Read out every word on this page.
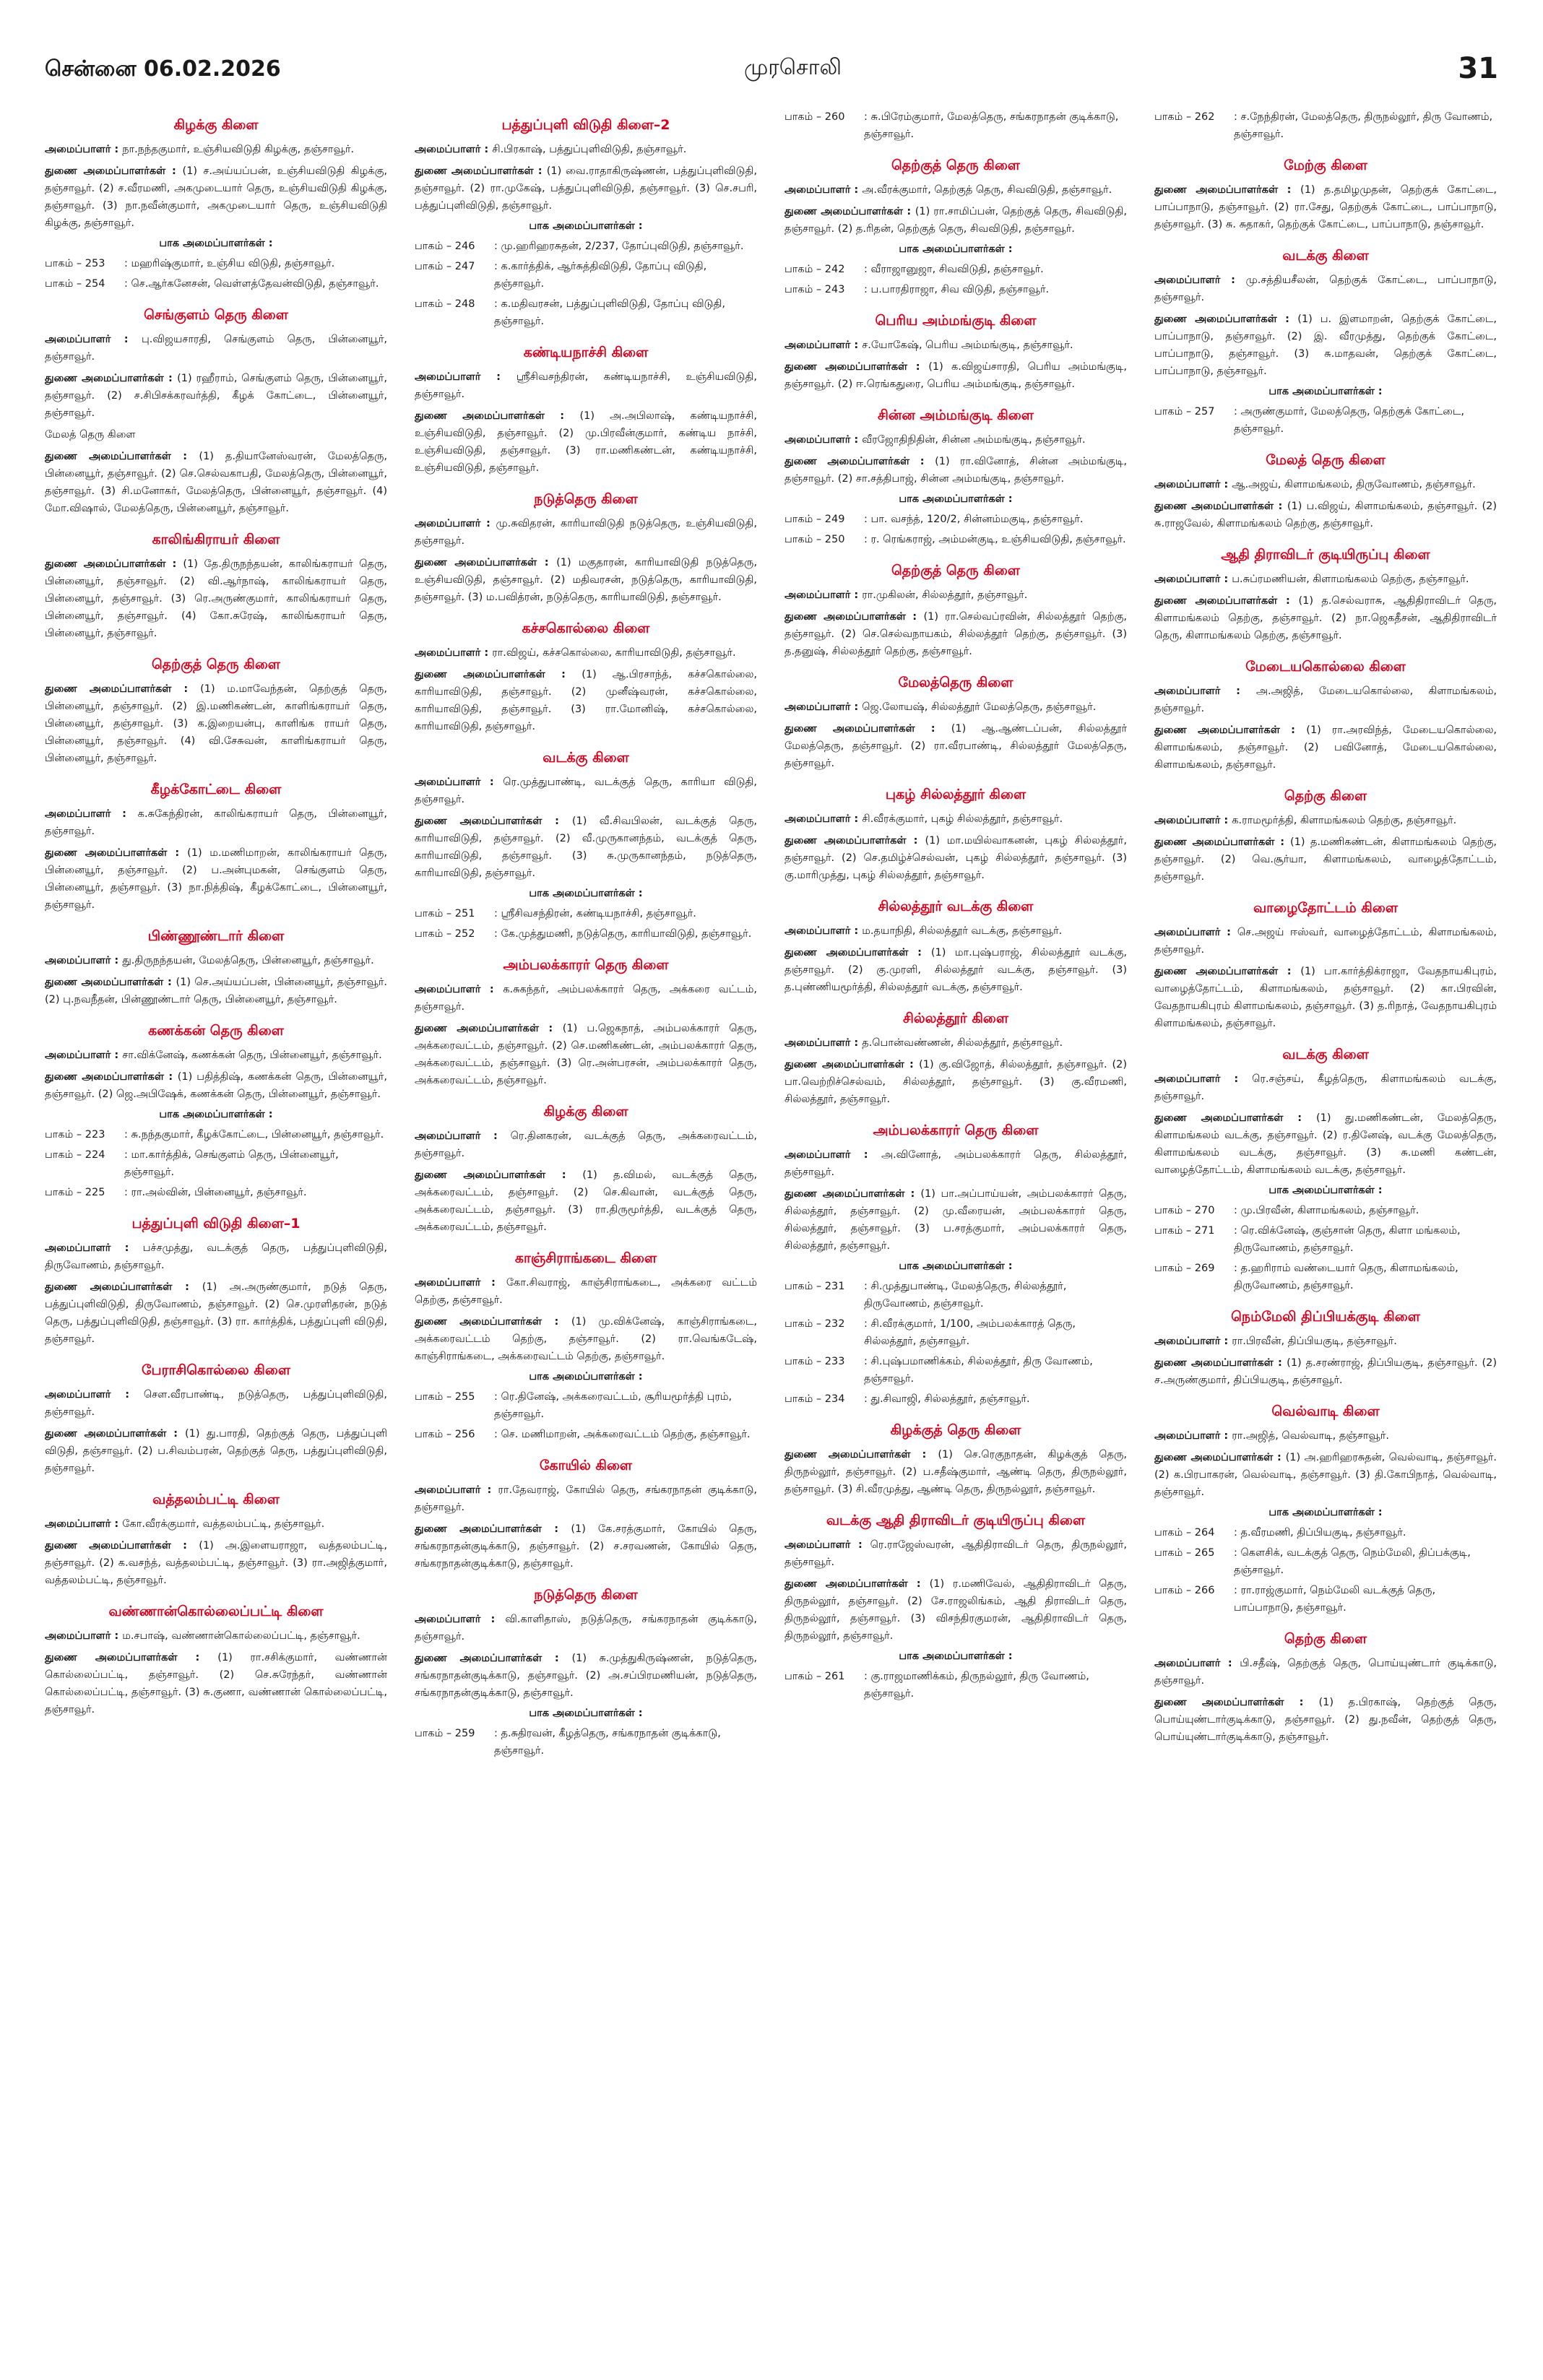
சென்னை 06.02.2026	முரசொலி	31
கிழக்கு கிளை
அமைப்பாளர் : நா.நந்தகுமார், உஞ்சியவிடுதி கிழக்கு, தஞ்சாவூர்.
துணை அமைப்பாளர்கள் : (1) ச.அய்யப்பன், உஞ்சியவிடுதி கிழக்கு, தஞ்சாவூர். (2) ச.வீரமணி, அகமுடையார் தெரு, உஞ்சியவிடுதி கிழக்கு, தஞ்சாவூர். (3) நா.நவீன்குமார், அகமுடையார் தெரு, உஞ்சியவிடுதி கிழக்கு, தஞ்சாவூர்.
பாக அமைப்பாளர்கள் :
பாகம் – 253	: மஹரிஷ்குமார், உஞ்சிய விடுதி, தஞ்சாவூர்.
பாகம் – 254	: செ.ஆர்கனேசன், வெள்ளத்தேவன்விடுதி, தஞ்சாவூர்.
செங்குளம் தெரு கிளை
அமைப்பாளர் : பு.விஜயசாரதி, செங்குளம் தெரு, பின்னையூர், தஞ்சாவூர்.
துணை அமைப்பாளர்கள் : (1) ரஹீராம், செங்குளம் தெரு, பின்னையூர், தஞ்சாவூர். (2) ச.சிபிசக்கரவர்த்தி, கீழக் கோட்டை, பின்னையூர், தஞ்சாவூர்.
மேலத் தெரு கிளை
துணை அமைப்பாளர்கள் : (1) த.தியானேஸ்வரன், மேலத்தெரு, பின்னையூர், தஞ்சாவூர். (2) செ.செல்வகாபதி, மேலத்தெரு, பின்னையூர், தஞ்சாவூர். (3) சி.மனோகர், மேலத்தெரு, பின்னையூர், தஞ்சாவூர். (4) மோ.விஷால், மேலத்தெரு, பின்னையூர், தஞ்சாவூர்.
காலிங்கிராயர் கிளை
துணை அமைப்பாளர்கள் : (1) தே.திருநந்தயன், காலிங்கராயர் தெரு, பின்னையூர், தஞ்சாவூர். (2) வி.ஆர்நாஷ், காலிங்கராயர் தெரு, பின்னையூர், தஞ்சாவூர். (3) ரெ.அருண்குமார், காலிங்கராயர் தெரு, பின்னையூர், தஞ்சாவூர். (4) கோ.சுரேஷ், காலிங்கராயர் தெரு, பின்னையூர், தஞ்சாவூர்.
தெற்குத் தெரு கிளை
துணை அமைப்பாளர்கள் : (1) ம.மாவேந்தன், தெற்குத் தெரு, பின்னையூர், தஞ்சாவூர். (2) இ.மணிகண்டன், காளிங்கராயர் தெரு, பின்னையூர், தஞ்சாவூர். (3) க.இறையன்பு, காளிங்க ராயர் தெரு, பின்னையூர், தஞ்சாவூர். (4) வி.சேசுவன், காளிங்கராயர் தெரு, பின்னையூர், தஞ்சாவூர்.
கீழக்கோட்டை கிளை
அமைப்பாளர் : க.சுகேந்திரன், காலிங்கராயர் தெரு, பின்னையூர், தஞ்சாவூர்.
துணை அமைப்பாளர்கள் : (1) ம.மணிமாறன், காலிங்கராயர் தெரு, பின்னையூர், தஞ்சாவூர். (2) ப.அன்புமகன், செங்குளம் தெரு, பின்னையூர், தஞ்சாவூர். (3) நா.நித்திஷ், கீழக்கோட்டை, பின்னையூர், தஞ்சாவூர்.
பிண்ணூண்டார் கிளை
அமைப்பாளர் : து.திருநந்தயன், மேலத்தெரு, பின்னையூர், தஞ்சாவூர்.
துணை அமைப்பாளர்கள் : (1) செ.அய்யப்பன், பின்னையூர், தஞ்சாவூர். (2) பு.நவநீதன், பின்ணூண்டார் தெரு, பின்னையூர், தஞ்சாவூர்.
கணக்கன் தெரு கிளை
அமைப்பாளர் : சா.விக்னேஷ், கணக்கன் தெரு, பின்னையூர், தஞ்சாவூர்.
துணை அமைப்பாளர்கள் : (1) பதித்திஷ், கணக்கன் தெரு, பின்னையூர், தஞ்சாவூர். (2) ஜெ.அபிஷேக், கணக்கன் தெரு, பின்னையூர், தஞ்சாவூர்.
பாக அமைப்பாளர்கள் :
பாகம் – 223	: சு.நந்தகுமார், கீழக்கோட்டை, பின்னையூர், தஞ்சாவூர்.
பாகம் – 224	: மா.கார்த்திக், செங்குளம் தெரு, பின்னையூர், தஞ்சாவூர்.
பாகம் – 225	: ரா.அல்வின், பின்னையூர், தஞ்சாவூர்.
பத்துப்புளி விடுதி கிளை–1
அமைப்பாளர் : பச்சமுத்து, வடக்குத் தெரு, பத்துப்புளிவிடுதி, திருவோணம், தஞ்சாவூர்.
துணை அமைப்பாளர்கள் : (1) அ.அருண்குமார், நடுத் தெரு, பத்துப்புளிவிடுதி, திருவோணம், தஞ்சாவூர். (2) செ.முரளிதரன், நடுத் தெரு, பத்துப்புளிவிடுதி, தஞ்சாவூர். (3) ரா. கார்த்திக், பத்துப்புளி விடுதி, தஞ்சாவூர்.
பேராசிகொல்லை கிளை
அமைப்பாளர் : சௌ.வீரபாண்டி, நடுத்தெரு, பத்துப்புளிவிடுதி, தஞ்சாவூர்.
துணை அமைப்பாளர்கள் : (1) து.பாரதி, தெற்குத் தெரு, பத்துப்புளி விடுதி, தஞ்சாவூர். (2) ப.சிவம்பரன், தெற்குத் தெரு, பத்துப்புளிவிடுதி, தஞ்சாவூர்.
வத்தலம்பட்டி கிளை
அமைப்பாளர் : கோ.வீரக்குமார், வத்தலம்பட்டி, தஞ்சாவூர்.
துணை அமைப்பாளர்கள் : (1) அ.இளையராஜா, வத்தலம்பட்டி, தஞ்சாவூர். (2) க.வசந்த், வத்தலம்பட்டி, தஞ்சாவூர். (3) ரா.அஜித்குமார், வத்தலம்பட்டி, தஞ்சாவூர்.
வண்ணான்கொல்லைப்பட்டி கிளை
அமைப்பாளர் : ம.சபாஷ், வண்ணான்கொல்லைப்பட்டி, தஞ்சாவூர்.
துணை அமைப்பாளர்கள் : (1) ரா.சசிக்குமார், வண்ணான் கொல்லைப்பட்டி, தஞ்சாவூர். (2) செ.சுரேந்தர், வண்ணான் கொல்லைப்பட்டி, தஞ்சாவூர். (3) சு.குணா, வண்ணான் கொல்லைப்பட்டி, தஞ்சாவூர்.
பத்துப்புளி விடுதி கிளை–2
அமைப்பாளர் : சி.பிரகாஷ், பத்துப்புளிவிடுதி, தஞ்சாவூர்.
துணை அமைப்பாளர்கள் : (1) வை.ராதாகிருஷ்ணன், பத்துப்புளிவிடுதி, தஞ்சாவூர். (2) ரா.முகேஷ், பத்துப்புளிவிடுதி, தஞ்சாவூர். (3) செ.சபரி, பத்துப்புளிவிடுதி, தஞ்சாவூர்.
பாக அமைப்பாளர்கள் :
பாகம் – 246	: மு.ஹரிஹரசுதன், 2/237, தோப்புவிடுதி, தஞ்சாவூர்.
பாகம் – 247	: க.கார்த்திக், ஆர்சுத்திவிடுதி, தோப்பு விடுதி, தஞ்சாவூர்.
பாகம் – 248	: க.மதிவரசன், பத்துப்புளிவிடுதி, தோப்பு விடுதி, தஞ்சாவூர்.
கண்டியநாச்சி கிளை
அமைப்பாளர் : ஸ்ரீசிவசந்திரன், கண்டியநாச்சி, உஞ்சியவிடுதி, தஞ்சாவூர்.
துணை அமைப்பாளர்கள் : (1) அ.அபிலாஷ், கண்டியநாச்சி, உஞ்சியவிடுதி, தஞ்சாவூர். (2) மு.பிரவீன்குமார், கண்டிய நாச்சி, உஞ்சியவிடுதி, தஞ்சாவூர். (3) ரா.மணிகண்டன், கண்டியநாச்சி, உஞ்சியவிடுதி, தஞ்சாவூர்.
நடுத்தெரு கிளை
அமைப்பாளர் : மு.சுவிதரன், காரியாவிடுதி நடுத்தெரு, உஞ்சியவிடுதி, தஞ்சாவூர்.
துணை அமைப்பாளர்கள் : (1) மகுதாரன், காரியாவிடுதி நடுத்தெரு, உஞ்சியவிடுதி, தஞ்சாவூர். (2) மதிவரசன், நடுத்தெரு, காரியாவிடுதி, தஞ்சாவூர். (3) ம.பவித்ரன், நடுத்தெரு, காரியாவிடுதி, தஞ்சாவூர்.
கச்சகொல்லை கிளை
அமைப்பாளர் : ரா.விஜய், கச்சகொல்லை, காரியாவிடுதி, தஞ்சாவூர்.
துணை அமைப்பாளர்கள் : (1) ஆ.பிரசாந்த், கச்சகொல்லை, காரியாவிடுதி, தஞ்சாவூர். (2) முனீஷ்வரன், கச்சகொல்லை, காரியாவிடுதி, தஞ்சாவூர். (3) ரா.மோனிஷ், கச்சகொல்லை, காரியாவிடுதி, தஞ்சாவூர்.
வடக்கு கிளை
அமைப்பாளர் : ரெ.முத்துபாண்டி, வடக்குத் தெரு, காரியா விடுதி, தஞ்சாவூர்.
துணை அமைப்பாளர்கள் : (1) வீ.சிவபிலன், வடக்குத் தெரு, காரியாவிடுதி, தஞ்சாவூர். (2) வீ.முருகானந்தம், வடக்குத் தெரு, காரியாவிடுதி, தஞ்சாவூர். (3) சு.முருகானந்தம், நடுத்தெரு, காரியாவிடுதி, தஞ்சாவூர்.
பாக அமைப்பாளர்கள் :
பாகம் – 251	: ஸ்ரீசிவசந்திரன், கண்டியநாச்சி, தஞ்சாவூர்.
பாகம் – 252	: கே.முத்துமணி, நடுத்தெரு, காரியாவிடுதி, தஞ்சாவூர்.
அம்பலக்காரர் தெரு கிளை
அமைப்பாளர் : க.சுகந்தர், அம்பலக்காரர் தெரு, அக்கரை வட்டம், தஞ்சாவூர்.
துணை அமைப்பாளர்கள் : (1) ப.ஜெகநாத், அம்பலக்காரர் தெரு, அக்கரைவட்டம், தஞ்சாவூர். (2) செ.மணிகண்டன், அம்பலக்காரர் தெரு, அக்கரைவட்டம், தஞ்சாவூர். (3) ரெ.அன்பரசன், அம்பலக்காரர் தெரு, அக்கரைவட்டம், தஞ்சாவூர்.
கிழக்கு கிளை
அமைப்பாளர் : ரெ.தினகரன், வடக்குத் தெரு, அக்கரைவட்டம், தஞ்சாவூர்.
துணை அமைப்பாளர்கள் : (1) த.விமல், வடக்குத் தெரு, அக்கரைவட்டம், தஞ்சாவூர். (2) செ.கிவான், வடக்குத் தெரு, அக்கரைவட்டம், தஞ்சாவூர். (3) ரா.திருமூர்த்தி, வடக்குத் தெரு, அக்கரைவட்டம், தஞ்சாவூர்.
காஞ்சிராங்கடை கிளை
அமைப்பாளர் : கோ.சிவராஜ், காஞ்சிராங்கடை, அக்கரை வட்டம் தெற்கு, தஞ்சாவூர்.
துணை அமைப்பாளர்கள் : (1) மு.விக்னேஷ், காஞ்சிராங்கடை, அக்கரைவட்டம் தெற்கு, தஞ்சாவூர். (2) ரா.வெங்கடேஷ், காஞ்சிராங்கடை, அக்கரைவட்டம் தெற்கு, தஞ்சாவூர்.
பாக அமைப்பாளர்கள் :
பாகம் – 255	: ரெ.தினேஷ், அக்கரைவட்டம், சூரியமூர்த்தி புரம், தஞ்சாவூர்.
பாகம் – 256	: செ. மணிமாறன், அக்கரைவட்டம் தெற்கு, தஞ்சாவூர்.
கோயில் கிளை
அமைப்பாளர் : ரா.தேவராஜ், கோயில் தெரு, சங்கரநாதன் குடிக்காடு, தஞ்சாவூர்.
துணை அமைப்பாளர்கள் : (1) கே.சரத்குமார், கோயில் தெரு, சங்கரநாதன்குடிக்காடு, தஞ்சாவூர். (2) ச.சரவணன், கோயில் தெரு, சங்கரநாதன்குடிக்காடு, தஞ்சாவூர்.
நடுத்தெரு கிளை
அமைப்பாளர் : வி.காளிதாஸ், நடுத்தெரு, சங்கரநாதன் குடிக்காடு, தஞ்சாவூர்.
துணை அமைப்பாளர்கள் : (1) சு.முத்துகிருஷ்ணன், நடுத்தெரு, சங்கரநாதன்குடிக்காடு, தஞ்சாவூர். (2) அ.சப்பிரமணியன், நடுத்தெரு, சங்கரநாதன்குடிக்காடு, தஞ்சாவூர்.
பாக அமைப்பாளர்கள் :
பாகம் – 259	: த.சுதிரவன், கீழத்தெரு, சங்கரநாதன் குடிக்காடு, தஞ்சாவூர்.
பாகம் – 260	: சு.பிரேம்குமார், மேலத்தெரு, சங்கரநாதன் குடிக்காடு, தஞ்சாவூர்.
தெற்குத் தெரு கிளை
அமைப்பாளர் : அ.வீரக்குமார், தெற்குத் தெரு, சிவவிடுதி, தஞ்சாவூர்.
துணை அமைப்பாளர்கள் : (1) ரா.சாமிப்பன், தெற்குத் தெரு, சிவவிடுதி, தஞ்சாவூர். (2) த.ரிதன், தெற்குத் தெரு, சிவவிடுதி, தஞ்சாவூர்.
பாக அமைப்பாளர்கள் :
பாகம் – 242	: வீராஜானுஜா, சிவவிடுதி, தஞ்சாவூர்.
பாகம் – 243	: ப.பாரதிராஜா, சிவ விடுதி, தஞ்சாவூர்.
பெரிய அம்மங்குடி கிளை
அமைப்பாளர் : ச.யோகேஷ், பெரிய அம்மங்குடி, தஞ்சாவூர்.
துணை அமைப்பாளர்கள் : (1) க.விஜய்சாரதி, பெரிய அம்மங்குடி, தஞ்சாவூர். (2) ஈ.ரெங்கதுரை, பெரிய அம்மங்குடி, தஞ்சாவூர்.
சின்ன அம்மங்குடி கிளை
அமைப்பாளர் : வீரஜோதிநிதின், சின்ன அம்மங்குடி, தஞ்சாவூர்.
துணை அமைப்பாளர்கள் : (1) ரா.வினோத், சின்ன அம்மங்குடி, தஞ்சாவூர். (2) சா.சத்திபாஜ், சின்ன அம்மங்குடி, தஞ்சாவூர்.
பாக அமைப்பாளர்கள் :
பாகம் – 249	: பா. வசந்த், 120/2, சின்னம்மகுடி, தஞ்சாவூர்.
பாகம் – 250	: ர. ரெங்கராஜ், அம்மன்குடி, உஞ்சியவிடுதி, தஞ்சாவூர்.
தெற்குத் தெரு கிளை
அமைப்பாளர் : ரா.முகிலன், சில்லத்தூர், தஞ்சாவூர்.
துணை அமைப்பாளர்கள் : (1) ரா.செல்வப்ரவின், சில்லத்தூர் தெற்கு, தஞ்சாவூர். (2) செ.செல்வநாயகம், சில்லத்தூர் தெற்கு, தஞ்சாவூர். (3) த.தனுஷ், சில்லத்தூர் தெற்கு, தஞ்சாவூர்.
மேலத்தெரு கிளை
அமைப்பாளர் : ஜெ.லோயஷ், சில்லத்தூர் மேலத்தெரு, தஞ்சாவூர்.
துணை அமைப்பாளர்கள் : (1) ஆ.ஆண்டப்பன், சில்லத்தூர் மேலத்தெரு, தஞ்சாவூர். (2) ரா.வீரபாண்டி, சில்லத்தூர் மேலத்தெரு, தஞ்சாவூர்.
புகழ் சில்லத்தூர் கிளை
அமைப்பாளர் : சி.வீரக்குமார், புகழ் சில்லத்தூர், தஞ்சாவூர்.
துணை அமைப்பாளர்கள் : (1) மா.மயில்வாகனன், புகழ் சில்லத்தூர், தஞ்சாவூர். (2) செ.தமிழ்ச்செல்வன், புகழ் சில்லத்தூர், தஞ்சாவூர். (3) கு.மாரிமுத்து, புகழ் சில்லத்தூர், தஞ்சாவூர்.
சில்லத்தூர் வடக்கு கிளை
அமைப்பாளர் : ம.தயாநிதி, சில்லத்தூர் வடக்கு, தஞ்சாவூர்.
துணை அமைப்பாளர்கள் : (1) மா.புஷ்பராஜ், சில்லத்தூர் வடக்கு, தஞ்சாவூர். (2) கு.முரளி, சில்லத்தூர் வடக்கு, தஞ்சாவூர். (3) த.புண்ணியமூர்த்தி, சில்லத்தூர் வடக்கு, தஞ்சாவூர்.
சில்லத்தூர் கிளை
அமைப்பாளர் : த.பொன்வண்ணன், சில்லத்தூர், தஞ்சாவூர்.
துணை அமைப்பாளர்கள் : (1) கு.விஜோத், சில்லத்தூர், தஞ்சாவூர். (2) பா.வெற்றிச்செல்வம், சில்லத்தூர், தஞ்சாவூர். (3) கு.வீரமணி, சில்லத்தூர், தஞ்சாவூர்.
அம்பலக்காரர் தெரு கிளை
அமைப்பாளர் : அ.வினோத், அம்பலக்காரர் தெரு, சில்லத்தூர், தஞ்சாவூர்.
துணை அமைப்பாளர்கள் : (1) பா.அப்பாய்யன், அம்பலக்காரர் தெரு, சில்லத்தூர், தஞ்சாவூர். (2) மு.வீரையன், அம்பலக்காரர் தெரு, சில்லத்தூர், தஞ்சாவூர். (3) ப.சரத்குமார், அம்பலக்காரர் தெரு, சில்லத்தூர், தஞ்சாவூர்.
பாக அமைப்பாளர்கள் :
பாகம் – 231	: சி.முத்துபாண்டி, மேலத்தெரு, சில்லத்தூர், திருவோணம், தஞ்சாவூர்.
பாகம் – 232	: சி.வீரக்குமார், 1/100, அம்பலக்காரத் தெரு, சில்லத்தூர், தஞ்சாவூர்.
பாகம் – 233	: சி.புஷ்பமாணிக்கம், சில்லத்தூர், திரு வோணம், தஞ்சாவூர்.
பாகம் – 234	: து.சிவாஜி, சில்லத்தூர், தஞ்சாவூர்.
கிழக்குத் தெரு கிளை
துணை அமைப்பாளர்கள் : (1) செ.ரெகுநாதன், கிழக்குத் தெரு, திருநல்லூர், தஞ்சாவூர். (2) ப.சதீஷ்குமார், ஆண்டி தெரு, திருநல்லூர், தஞ்சாவூர். (3) சி.வீரமுத்து, ஆண்டி தெரு, திருநல்லூர், தஞ்சாவூர்.
வடக்கு ஆதி திராவிடர் குடியிருப்பு கிளை
அமைப்பாளர் : ரெ.ராஜேஸ்வரன், ஆதிதிராவிடர் தெரு, திருநல்லூர், தஞ்சாவூர்.
துணை அமைப்பாளர்கள் : (1) ர.மணிவேல், ஆதிதிராவிடர் தெரு, திருநல்லூர், தஞ்சாவூர். (2) சே.ராஜலிங்கம், ஆதி திராவிடர் தெரு, திருநல்லூர், தஞ்சாவூர். (3) விசந்திரகுமரன், ஆதிதிராவிடர் தெரு, திருநல்லூர், தஞ்சாவூர்.
பாக அமைப்பாளர்கள் :
பாகம் – 261	: கு.ராஜமாணிக்கம், திருநல்லூர், திரு வோணம், தஞ்சாவூர்.
பாகம் – 262	: ச.நேந்திரன், மேலத்தெரு, திருநல்லூர், திரு வோணம், தஞ்சாவூர்.
மேற்கு கிளை
துணை அமைப்பாளர்கள் : (1) த.தமிழமுதன், தெற்குக் கோட்டை, பாப்பாநாடு, தஞ்சாவூர். (2) ரா.சேது, தெற்குக் கோட்டை, பாப்பாநாடு, தஞ்சாவூர். (3) சு. சுதாகர், தெற்குக் கோட்டை, பாப்பாநாடு, தஞ்சாவூர்.
வடக்கு கிளை
அமைப்பாளர் : மு.சத்தியசீலன், தெற்குக் கோட்டை, பாப்பாநாடு, தஞ்சாவூர்.
துணை அமைப்பாளர்கள் : (1) ப. இளமாறன், தெற்குக் கோட்டை, பாப்பாநாடு, தஞ்சாவூர். (2) இ. வீரமுத்து, தெற்குக் கோட்டை, பாப்பாநாடு, தஞ்சாவூர். (3) சு.மாதவன், தெற்குக் கோட்டை, பாப்பாநாடு, தஞ்சாவூர்.
பாக அமைப்பாளர்கள் :
பாகம் – 257	: அருண்குமார், மேலத்தெரு, தெற்குக் கோட்டை, தஞ்சாவூர்.
மேலத் தெரு கிளை
அமைப்பாளர் : ஆ.அஜய், கிளாமங்கலம், திருவோணம், தஞ்சாவூர்.
துணை அமைப்பாளர்கள் : (1) ப.விஜய், கிளாமங்கலம், தஞ்சாவூர். (2) சு.ராஜவேல், கிளாமங்கலம் தெற்கு, தஞ்சாவூர்.
ஆதி திராவிடர் குடியிருப்பு கிளை
அமைப்பாளர் : ப.சுப்ரமணியன், கிளாமங்கலம் தெற்கு, தஞ்சாவூர்.
துணை அமைப்பாளர்கள் : (1) த.செல்வராசு, ஆதிதிராவிடர் தெரு, கிளாமங்கலம் தெற்கு, தஞ்சாவூர். (2) நா.ஜெகதீசன், ஆதிதிராவிடர் தெரு, கிளாமங்கலம் தெற்கு, தஞ்சாவூர்.
மேடையகொல்லை கிளை
அமைப்பாளர் : அ.அஜித், மேடையகொல்லை, கிளாமங்கலம், தஞ்சாவூர்.
துணை அமைப்பாளர்கள் : (1) ரா.அரவிந்த், மேடையகொல்லை, கிளாமங்கலம், தஞ்சாவூர். (2) பவினோத், மேடையகொல்லை, கிளாமங்கலம், தஞ்சாவூர்.
தெற்கு கிளை
அமைப்பாளர் : க.ராமமூர்த்தி, கிளாமங்கலம் தெற்கு, தஞ்சாவூர்.
துணை அமைப்பாளர்கள் : (1) த.மணிகண்டன், கிளாமங்கலம் தெற்கு, தஞ்சாவூர். (2) வெ.சூர்யா, கிளாமங்கலம், வாழைத்தோட்டம், தஞ்சாவூர்.
வாழைதோட்டம் கிளை
அமைப்பாளர் : செ.அஜய் ஈஸ்வர், வாழைத்தோட்டம், கிளாமங்கலம், தஞ்சாவூர்.
துணை அமைப்பாளர்கள் : (1) பா.கார்த்திக்ராஜா, வேதநாயகிபுரம், வாழைத்தோட்டம், கிளாமங்கலம், தஞ்சாவூர். (2) கா.பிரவின், வேதநாயகிபுரம் கிளாமங்கலம், தஞ்சாவூர். (3) த.ரிநாத், வேதநாயகிபுரம் கிளாமங்கலம், தஞ்சாவூர்.
வடக்கு கிளை
அமைப்பாளர் : ரெ.சஞ்சய், கீழத்தெரு, கிளாமங்கலம் வடக்கு, தஞ்சாவூர்.
துணை அமைப்பாளர்கள் : (1) து.மணிகண்டன், மேலத்தெரு, கிளாமங்கலம் வடக்கு, தஞ்சாவூர். (2) ர.தினேஷ், வடக்கு மேலத்தெரு, கிளாமங்கலம் வடக்கு, தஞ்சாவூர். (3) சு.மணி கண்டன், வாழைத்தோட்டம், கிளாமங்கலம் வடக்கு, தஞ்சாவூர்.
பாக அமைப்பாளர்கள் :
பாகம் – 270	: மு.பிரவீன், கிளாமங்கலம், தஞ்சாவூர்.
பாகம் – 271	: ரெ.விக்னேஷ், குஞ்சான் தெரு, கிளா மங்கலம், திருவோணம், தஞ்சாவூர்.
பாகம் – 269	: த.ஹரிராம் வண்டையார் தெரு, கிளாமங்கலம், திருவோணம், தஞ்சாவூர்.
நெம்மேலி திப்பியக்குடி கிளை
அமைப்பாளர் : ரா.பிரவீன், திப்பியகுடி, தஞ்சாவூர்.
துணை அமைப்பாளர்கள் : (1) த.சரண்ராஜ், திப்பியகுடி, தஞ்சாவூர். (2) ச.அருண்குமார், திப்பியகுடி, தஞ்சாவூர்.
வெல்வாடி கிளை
அமைப்பாளர் : ரா.அஜித், வெல்வாடி, தஞ்சாவூர்.
துணை அமைப்பாளர்கள் : (1) அ.ஹரிஹரசுதன், வெல்வாடி, தஞ்சாவூர். (2) க.பிரபாகரன், வெல்வாடி, தஞ்சாவூர். (3) தி.கோபிநாத், வெல்வாடி, தஞ்சாவூர்.
பாக அமைப்பாளர்கள் :
பாகம் – 264	: த.வீரமணி, திப்பியகுடி, தஞ்சாவூர்.
பாகம் – 265	: கௌசிக், வடக்குத் தெரு, நெம்மேலி, திப்பக்குடி, தஞ்சாவூர்.
பாகம் – 266	: ரா.ராஜ்குமார், நெம்மேலி வடக்குத் தெரு, பாப்பாநாடு, தஞ்சாவூர்.
தெற்கு கிளை
அமைப்பாளர் : பி.சதீஷ், தெற்குத் தெரு, பொய்யுண்டார் குடிக்காடு, தஞ்சாவூர்.
துணை அமைப்பாளர்கள் : (1) த.பிரகாஷ், தெற்குத் தெரு, பொய்யுண்டார்குடிக்காடு, தஞ்சாவூர். (2) து.நவீன், தெற்குத் தெரு, பொய்யுண்டார்குடிக்காடு, தஞ்சாவூர்.
